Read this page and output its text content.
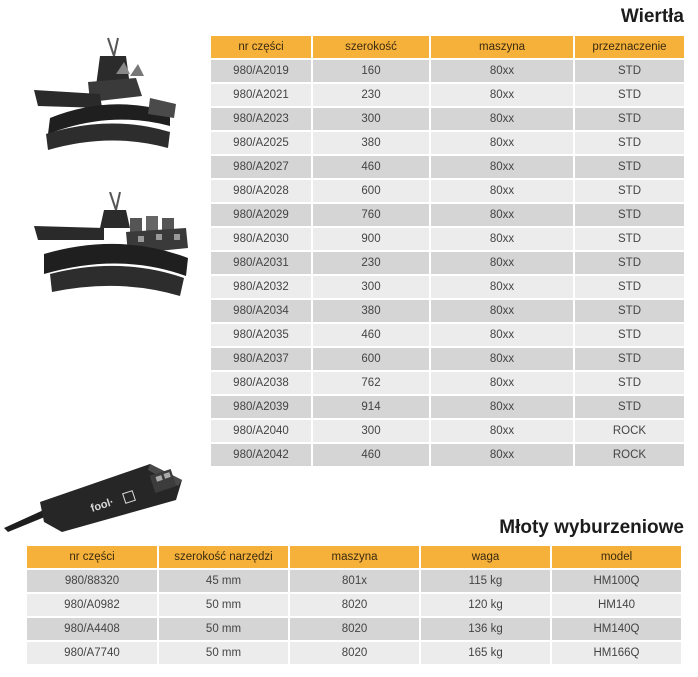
Wiertła
Młoty wyburzeniowe
fool·
nr części	szerokość	maszyna	przeznaczenie
980/A2019	160	80xx	STD
980/A2021	230	80xx	STD
980/A2023	300	80xx	STD
980/A2025	380	80xx	STD
980/A2027	460	80xx	STD
980/A2028	600	80xx	STD
980/A2029	760	80xx	STD
980/A2030	900	80xx	STD
980/A2031	230	80xx	STD
980/A2032	300	80xx	STD
980/A2034	380	80xx	STD
980/A2035	460	80xx	STD
980/A2037	600	80xx	STD
980/A2038	762	80xx	STD
980/A2039	914	80xx	STD
980/A2040	300	80xx	ROCK
980/A2042	460	80xx	ROCK
nr części	szerokość narzędzi	maszyna	waga	model
980/88320	45 mm	801x	115 kg	HM100Q
980/A0982	50 mm	8020	120 kg	HM140
980/A4408	50 mm	8020	136 kg	HM140Q
980/A7740	50 mm	8020	165 kg	HM166Q
